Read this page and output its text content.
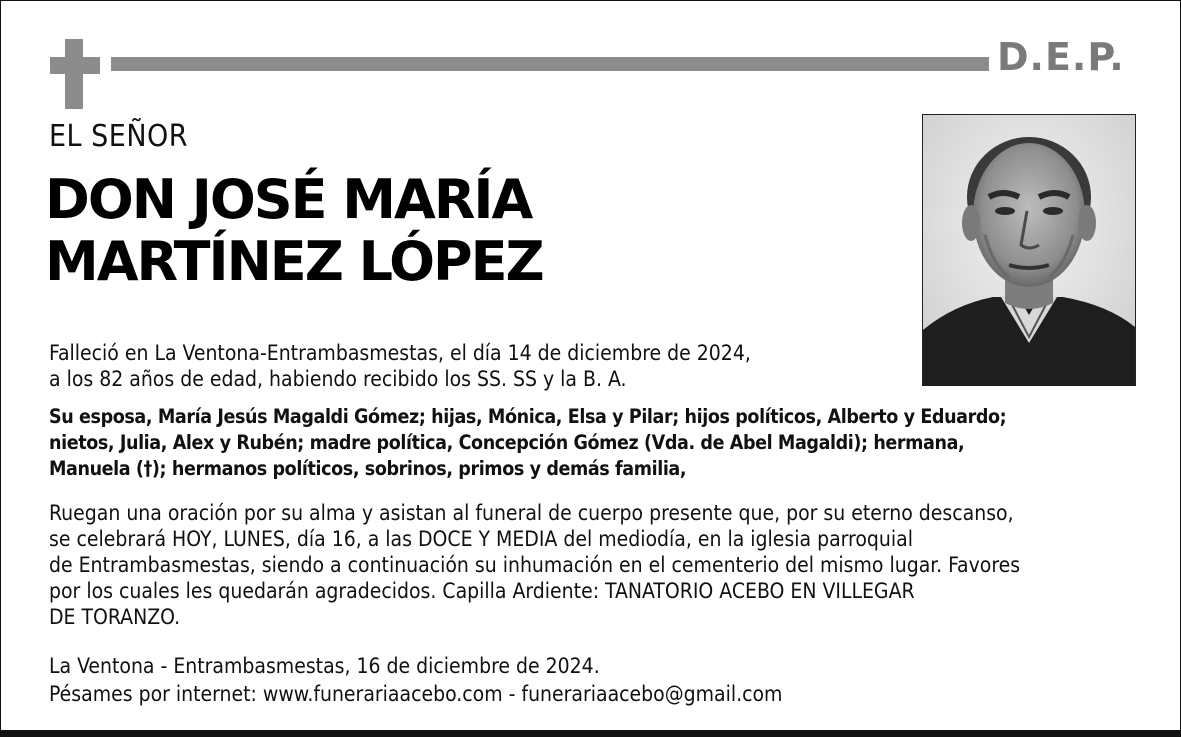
D.E.P.
EL SEÑOR
DON JOSÉ MARÍA
MARTÍNEZ LÓPEZ
Falleció en La Ventona-Entrambasmestas, el día 14 de diciembre de 2024,
a los 82 años de edad, habiendo recibido los SS. SS y la B. A.
Su esposa, María Jesús Magaldi Gómez; hijas, Mónica, Elsa y Pilar; hijos políticos, Alberto y Eduardo;
nietos, Julia, Alex y Rubén; madre política, Concepción Gómez (Vda. de Abel Magaldi); hermana,
Manuela (†); hermanos políticos, sobrinos, primos y demás familia,
Ruegan una oración por su alma y asistan al funeral de cuerpo presente que, por su eterno descanso,
se celebrará HOY, LUNES, día 16, a las DOCE Y MEDIA del mediodía, en la iglesia parroquial
de Entrambasmestas, siendo a continuación su inhumación en el cementerio del mismo lugar. Favores
por los cuales les quedarán agradecidos. Capilla Ardiente: TANATORIO ACEBO EN VILLEGAR
DE TORANZO.
La Ventona - Entrambasmestas, 16 de diciembre de 2024.
Pésames por internet: www.funerariaacebo.com - funerariaacebo@gmail.com
